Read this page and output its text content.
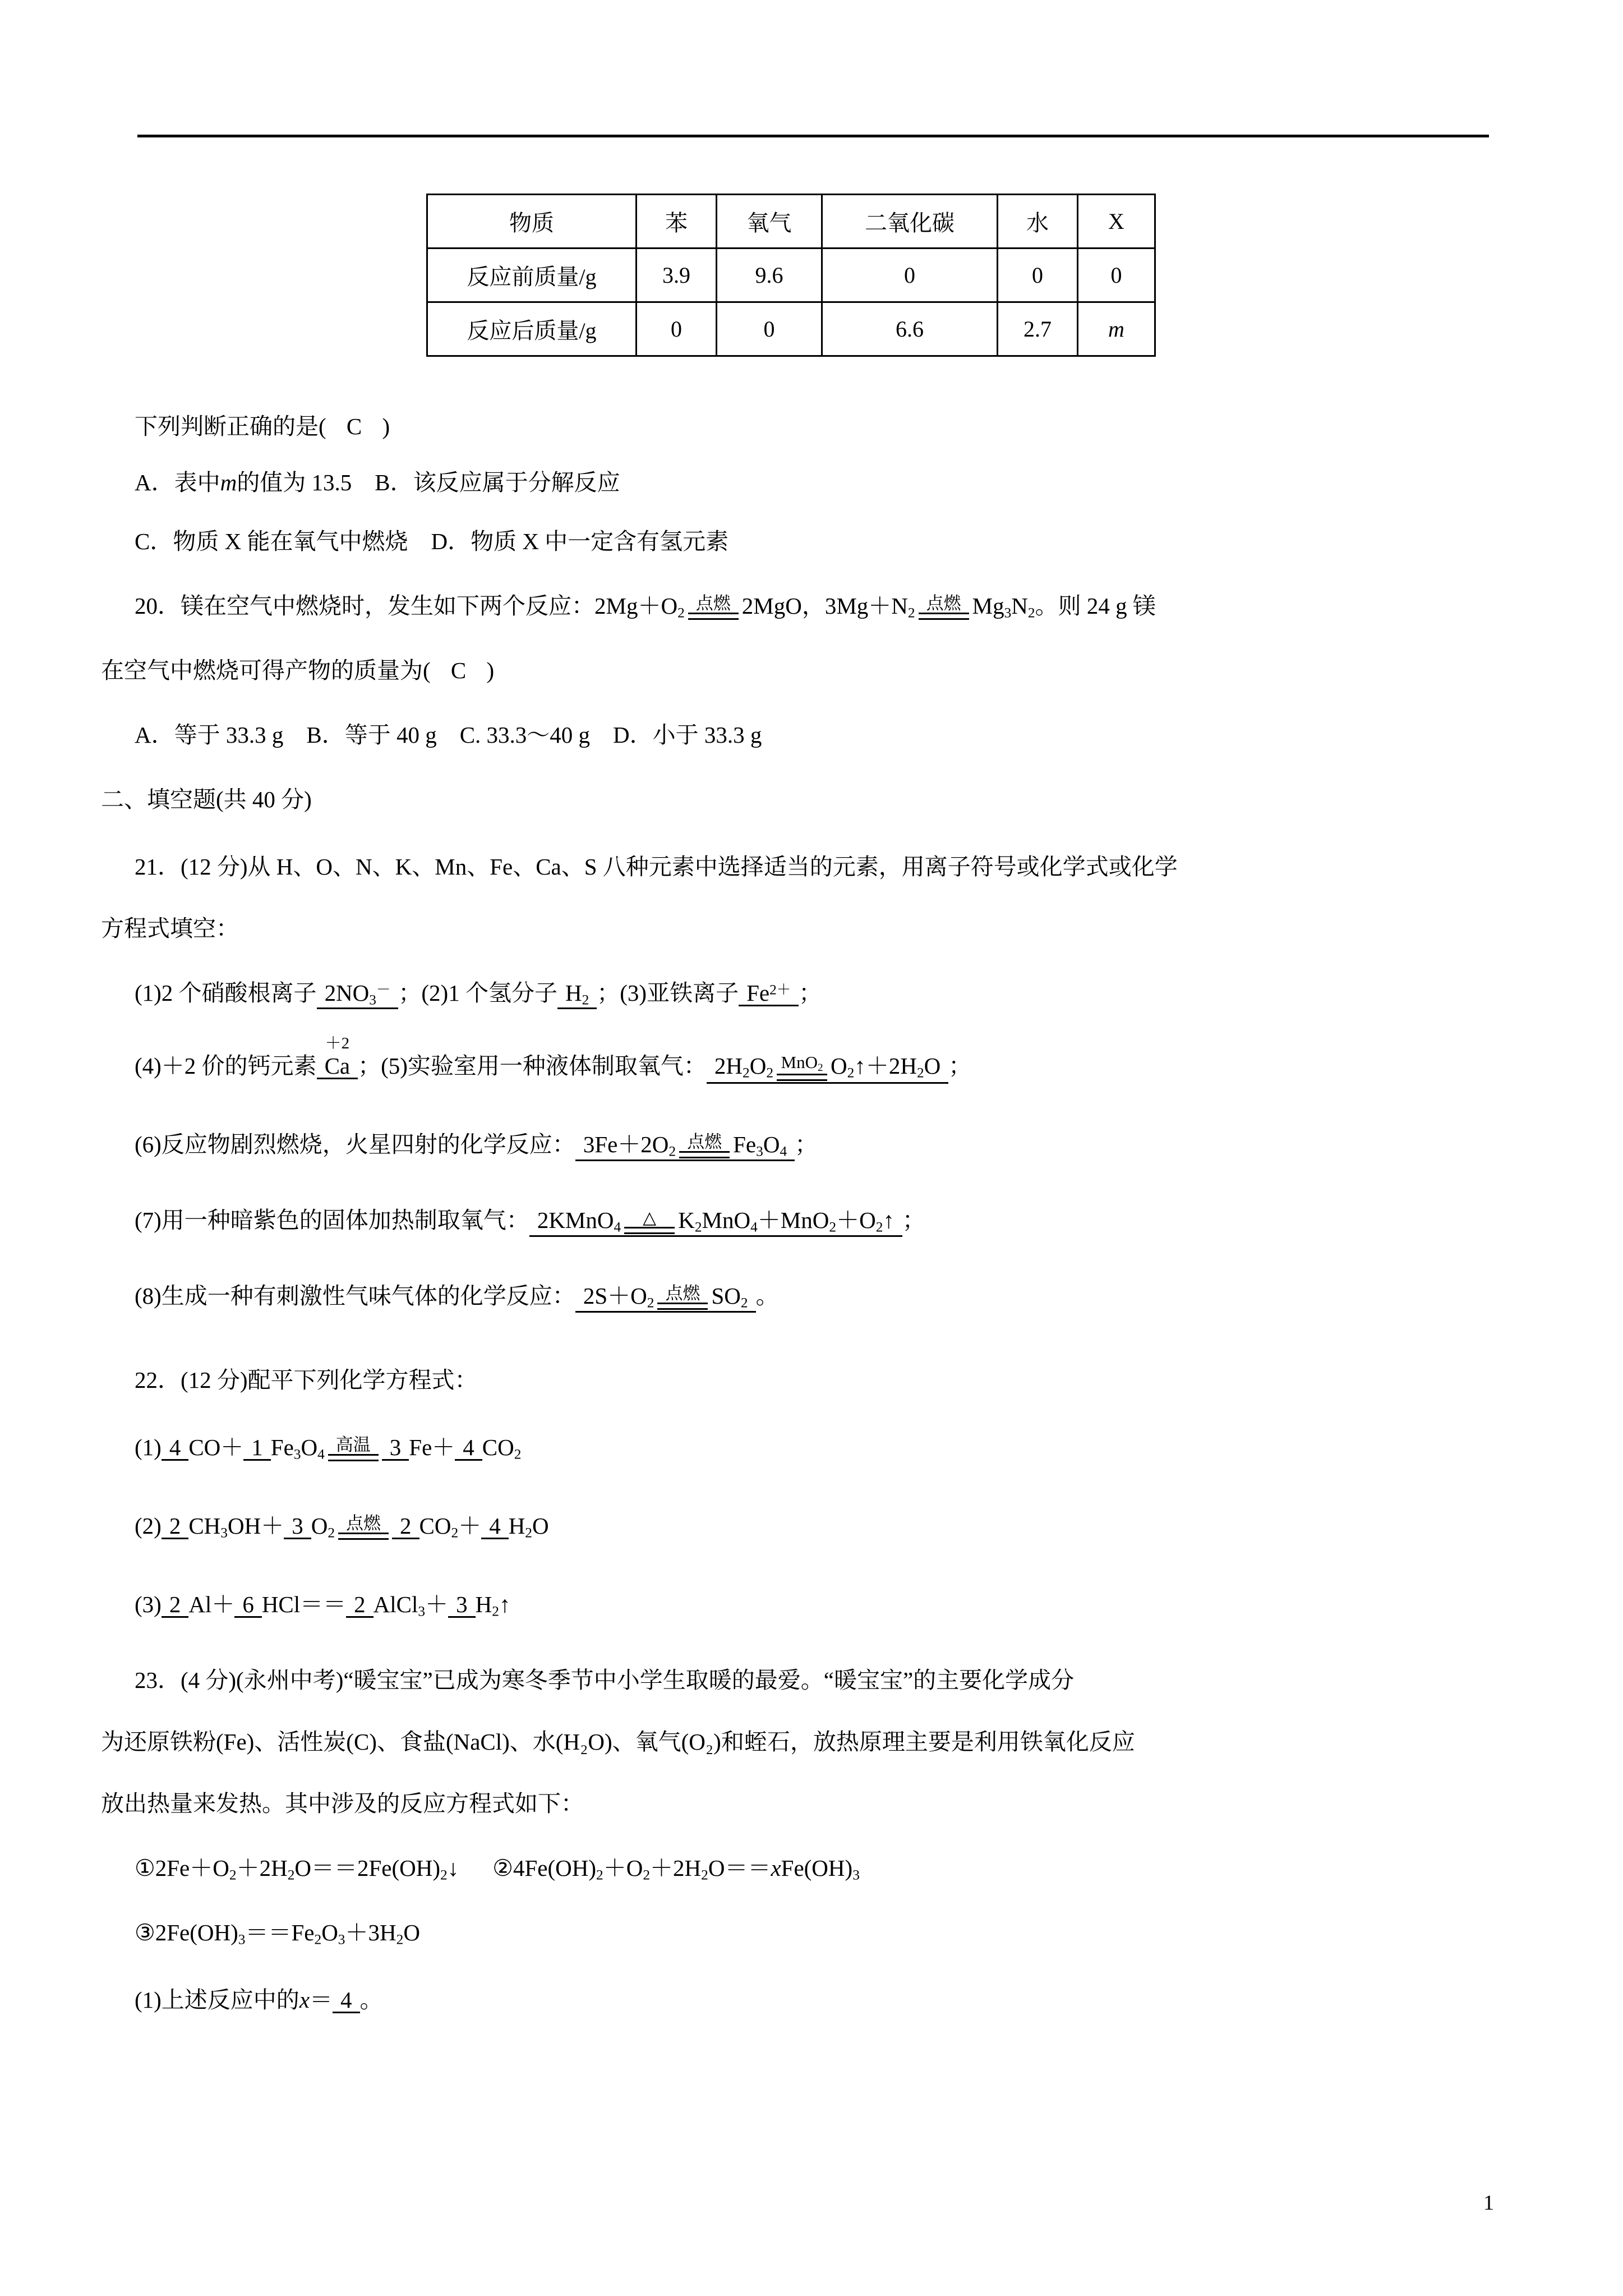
物质	苯	氧气	二氧化碳	水	X
反应前质量/g	3.9	9.6	0	0	0
反应后质量/g	0	0	6.6	2.7	m
下列判断正确的是( C )
A．表中m的值为 13.5　B．该反应属于分解反应
C．物质 X 能在氧气中燃烧　D．物质 X 中一定含有氢元素
20．镁在空气中燃烧时，发生如下两个反应：$2Mg+O_2$ 点燃 2MgO，$3Mg+N_2$ 点燃 $Mg_3N_2$。则 24 g 镁
在空气中燃烧可得产物的质量为( C )
A．等于 33.3 g　B．等于 40 g　C. 33.3～40 g　D．小于 33.3 g
二、填空题(共 40 分)
21．(12 分)从 H、O、N、K、Mn、Fe、Ca、S 八种元素中选择适当的元素，用离子符号或化学式或化学
方程式填空：
(1)2 个硝酸根离子 $2NO_3^-$ ；(2)1 个氢分子 $H_2$ ；(3)亚铁离子 $Fe^{2+}$ ；
(4)＋2 价的钙元素
＋2
Ca ；(5)实验室用一种液体制取氧气： $2H_2O_2$
MnO$_2$ $O_2↑+2H_2O$ ；
(6)反应物剧烈燃烧，火星四射的化学反应： $3Fe+2O_2$ 点燃 $Fe_3O_4$ ；
(7)用一种暗紫色的固体加热制取氧气： 2KMnO$_4$	△ $K_2MnO_4+MnO_2+O_2↑$ ；
(8)生成一种有刺激性气味气体的化学反应： $2S+O_2$ 点燃 $SO_2$ 。
22．(12 分)配平下列化学方程式：
(1) 4 CO＋ 1 $Fe_3O_4$ 高温 3 Fe＋ 4 $CO_2$
(2) 2 $CH_3OH+ 3$ $O_2$ 点燃 2 $CO_2+ 4$ $H_2O$
(3) 2 Al＋ 6 HCl＝＝ 2 AlCl$_3$＋ 3 $H_2↑$
23．(4 分)(永州中考)“暖宝宝”已成为寒冬季节中小学生取暖的最爱。“暖宝宝”的主要化学成分
为还原铁粉(Fe)、活性炭(C)、食盐(NaCl)、水(H₂O)、氧气(O₂)和蛭石，放热原理主要是利用铁氧化反应
放出热量来发热。其中涉及的反应方程式如下：
$①2Fe+O_2+2H_2O==2Fe(OH)_2↓$ $②4Fe(OH)_2+O_2+2H_2O==xFe(OH)_3$
$③2Fe(OH)_3==Fe_2O_3+3H_2O$
(1)上述反应中的x＝ 4 。
1
